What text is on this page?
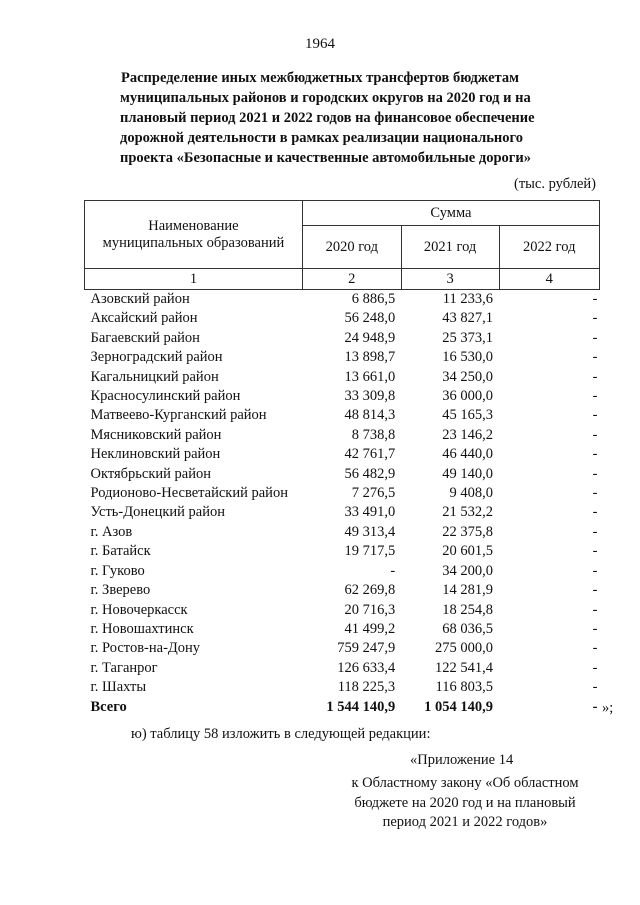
1964
Распределение иных межбюджетных трансфертов бюджетам
муниципальных районов и городских округов на 2020 год и на
плановый период 2021 и 2022 годов на финансовое обеспечение
дорожной деятельности в рамках реализации национального
проекта «Безопасные и качественные автомобильные дороги»
(тыс. рублей)
Наименование
муниципальных образований	Сумма		
	2020 год	2021 год	2022 год
1	2	3	4
Азовский район	6 886,5	11 233,6	-
Аксайский район	56 248,0	43 827,1	-
Багаевский район	24 948,9	25 373,1	-
Зерноградский район	13 898,7	16 530,0	-
Кагальницкий район	13 661,0	34 250,0	-
Красносулинский район	33 309,8	36 000,0	-
Матвеево-Курганский район	48 814,3	45 165,3	-
Мясниковский район	8 738,8	23 146,2	-
Неклиновский район	42 761,7	46 440,0	-
Октябрьский район	56 482,9	49 140,0	-
Родионово-Несветайский район	7 276,5	9 408,0	-
Усть-Донецкий район	33 491,0	21 532,2	-
г. Азов	49 313,4	22 375,8	-
г. Батайск	19 717,5	20 601,5	-
г. Гуково	-	34 200,0	-
г. Зверево	62 269,8	14 281,9	-
г. Новочеркасск	20 716,3	18 254,8	-
г. Новошахтинск	41 499,2	68 036,5	-
г. Ростов-на-Дону	759 247,9	275 000,0	-
г. Таганрог	126 633,4	122 541,4	-
г. Шахты	118 225,3	116 803,5	-
Всего	1 544 140,9	1 054 140,9	- »;
ю) таблицу 58 изложить в следующей редакции:
«Приложение 14
к Областному закону «Об областном
бюджете на 2020 год и на плановый
период 2021 и 2022 годов»
